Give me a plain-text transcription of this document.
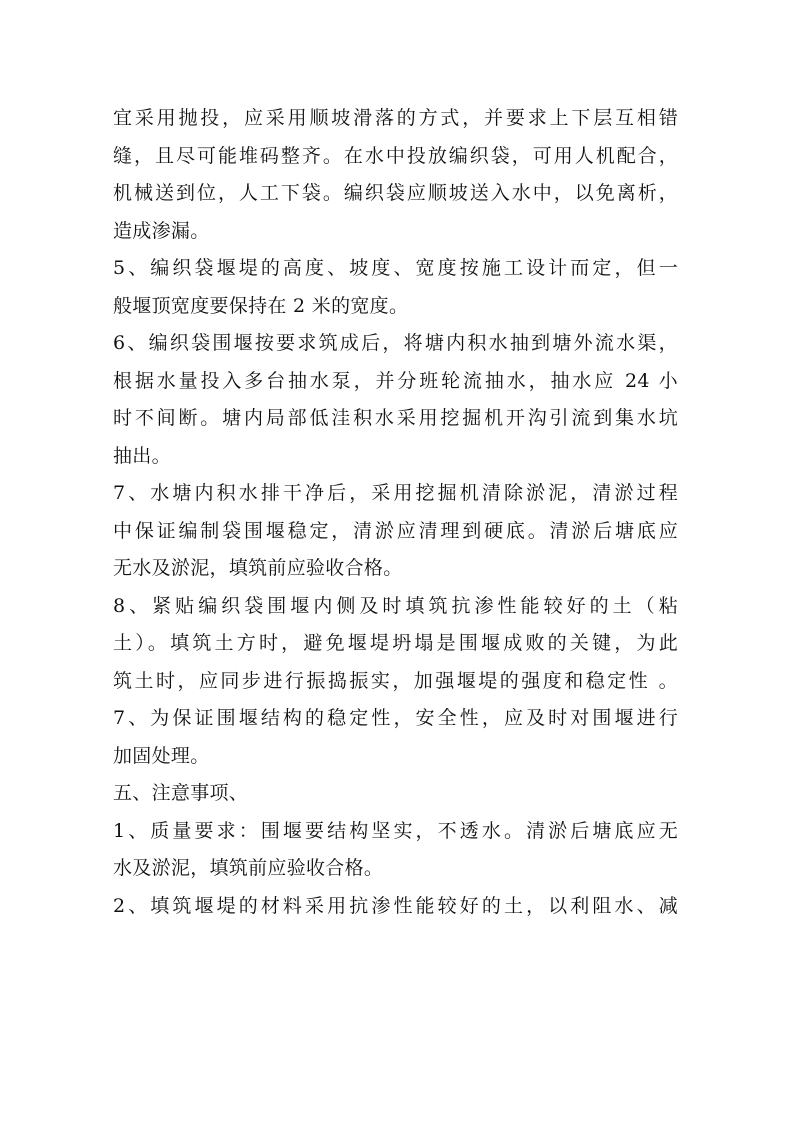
宜采用抛投，应采用顺坡滑落的方式，并要求上下层互相错
缝，且尽可能堆码整齐。在水中投放编织袋，可用人机配合，
机械送到位，人工下袋。编织袋应顺坡送入水中，以免离析，
造成渗漏。
5、编织袋堰堤的高度、坡度、宽度按施工设计而定，但一
般堰顶宽度要保持在 2 米的宽度。
6、编织袋围堰按要求筑成后，将塘内积水抽到塘外流水渠，
根据水量投入多台抽水泵，并分班轮流抽水，抽水应 24 小
时不间断。塘内局部低洼积水采用挖掘机开沟引流到集水坑
抽出。
7、水塘内积水排干净后，采用挖掘机清除淤泥，清淤过程
中保证编制袋围堰稳定，清淤应清理到硬底。清淤后塘底应
无水及淤泥，填筑前应验收合格。
8、紧贴编织袋围堰内侧及时填筑抗渗性能较好的土（粘
土）。填筑土方时，避免堰堤坍塌是围堰成败的关键，为此
筑土时，应同步进行振捣振实，加强堰堤的强度和稳定性 。
7、为保证围堰结构的稳定性，安全性，应及时对围堰进行
加固处理。
五、注意事项、
1、质量要求：围堰要结构坚实，不透水。清淤后塘底应无
水及淤泥，填筑前应验收合格。
2、填筑堰堤的材料采用抗渗性能较好的土，以利阻水、减
